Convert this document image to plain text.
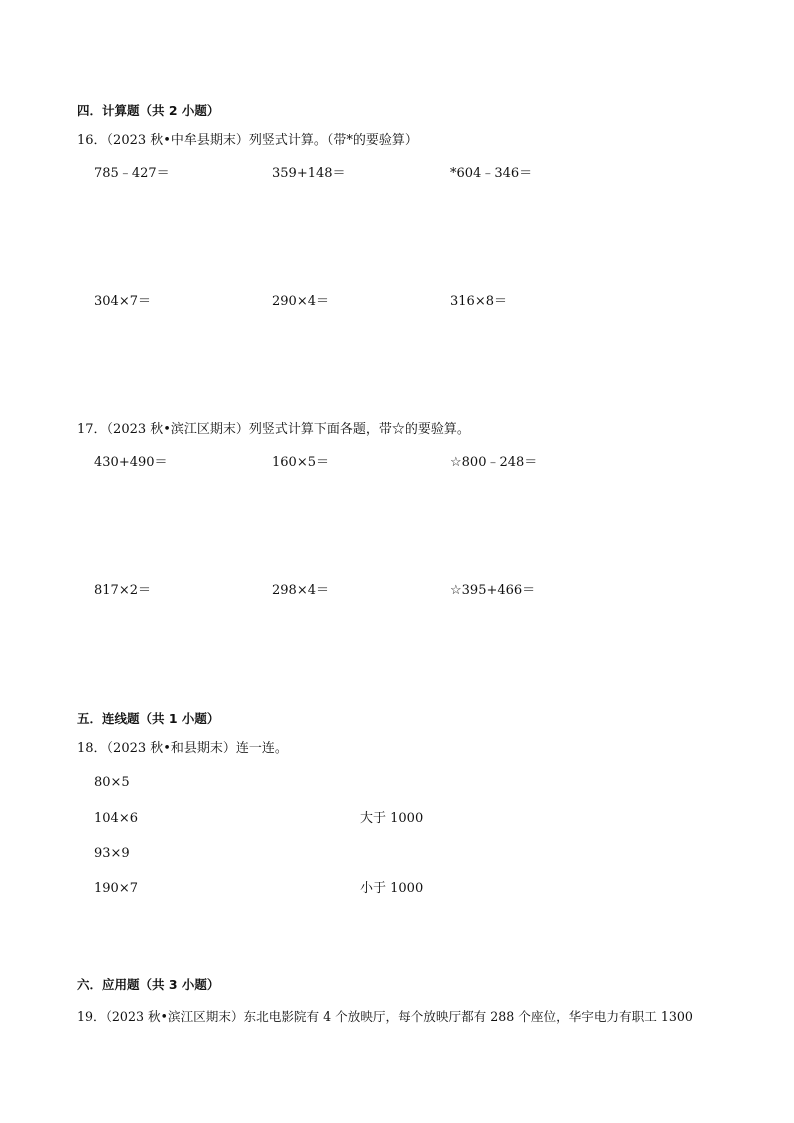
四．计算题（共 2 小题）
16．（2023 秋•中牟县期末）列竖式计算。（带*的要验算）
785﹣427＝	359+148＝	*604﹣346＝
304×7＝	290×4＝	316×8＝
17．（2023 秋•滨江区期末）列竖式计算下面各题，带☆的要验算。
430+490＝	160×5＝	☆800﹣248＝
817×2＝	298×4＝	☆395+466＝
五．连线题（共 1 小题）
18．（2023 秋•和县期末）连一连。
80×5
104×6
93×9
190×7
大于 1000
小于 1000
六．应用题（共 3 小题）
19．（2023 秋•滨江区期末）东北电影院有 4 个放映厅，每个放映厅都有 288 个座位，华宇电力有职工 1300
